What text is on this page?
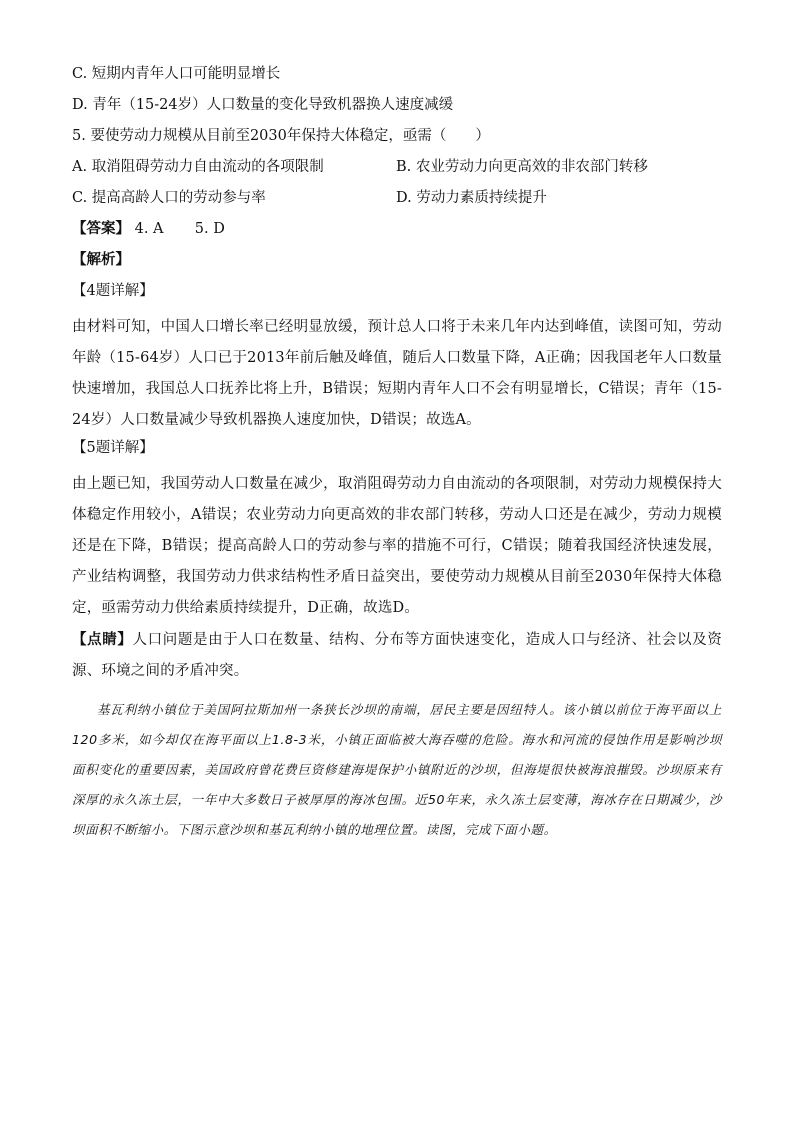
C. 短期内青年人口可能明显增长
D. 青年（15-24岁）人口数量的变化导致机器换人速度减缓
5. 要使劳动力规模从目前至2030年保持大体稳定，亟需（　　）
A. 取消阻碍劳动力自由流动的各项限制	B. 农业劳动力向更高效的非农部门转移
C. 提高高龄人口的劳动参与率	D. 劳动力素质持续提升
【答案】 4. A 5. D
【解析】
【4题详解】
由材料可知，中国人口增长率已经明显放缓，预计总人口将于未来几年内达到峰值，读图可知，劳动年龄（15-64岁）人口已于2013年前后触及峰值，随后人口数量下降，A正确；因我国老年人口数量快速增加，我国总人口抚养比将上升，B错误；短期内青年人口不会有明显增长，C错误；青年（15-24岁）人口数量减少导致机器换人速度加快，D错误；故选A。
【5题详解】
由上题已知，我国劳动人口数量在减少，取消阻碍劳动力自由流动的各项限制，对劳动力规模保持大体稳定作用较小，A错误；农业劳动力向更高效的非农部门转移，劳动人口还是在减少，劳动力规模还是在下降，B错误；提高高龄人口的劳动参与率的措施不可行，C错误；随着我国经济快速发展，产业结构调整，我国劳动力供求结构性矛盾日益突出，要使劳动力规模从目前至2030年保持大体稳定，亟需劳动力供给素质持续提升，D正确，故选D。
【点睛】人口问题是由于人口在数量、结构、分布等方面快速变化，造成人口与经济、社会以及资源、环境之间的矛盾冲突。
基瓦利纳小镇位于美国阿拉斯加州一条狭长沙坝的南端，居民主要是因纽特人。该小镇以前位于海平面以上120多米，如今却仅在海平面以上1.8-3米，小镇正面临被大海吞噬的危险。海水和河流的侵蚀作用是影响沙坝面积变化的重要因素，美国政府曾花费巨资修建海堤保护小镇附近的沙坝，但海堤很快被海浪摧毁。沙坝原来有深厚的永久冻土层，一年中大多数日子被厚厚的海冰包围。近50年来，永久冻土层变薄，海冰存在日期减少，沙坝面积不断缩小。下图示意沙坝和基瓦利纳小镇的地理位置。读图，完成下面小题。
